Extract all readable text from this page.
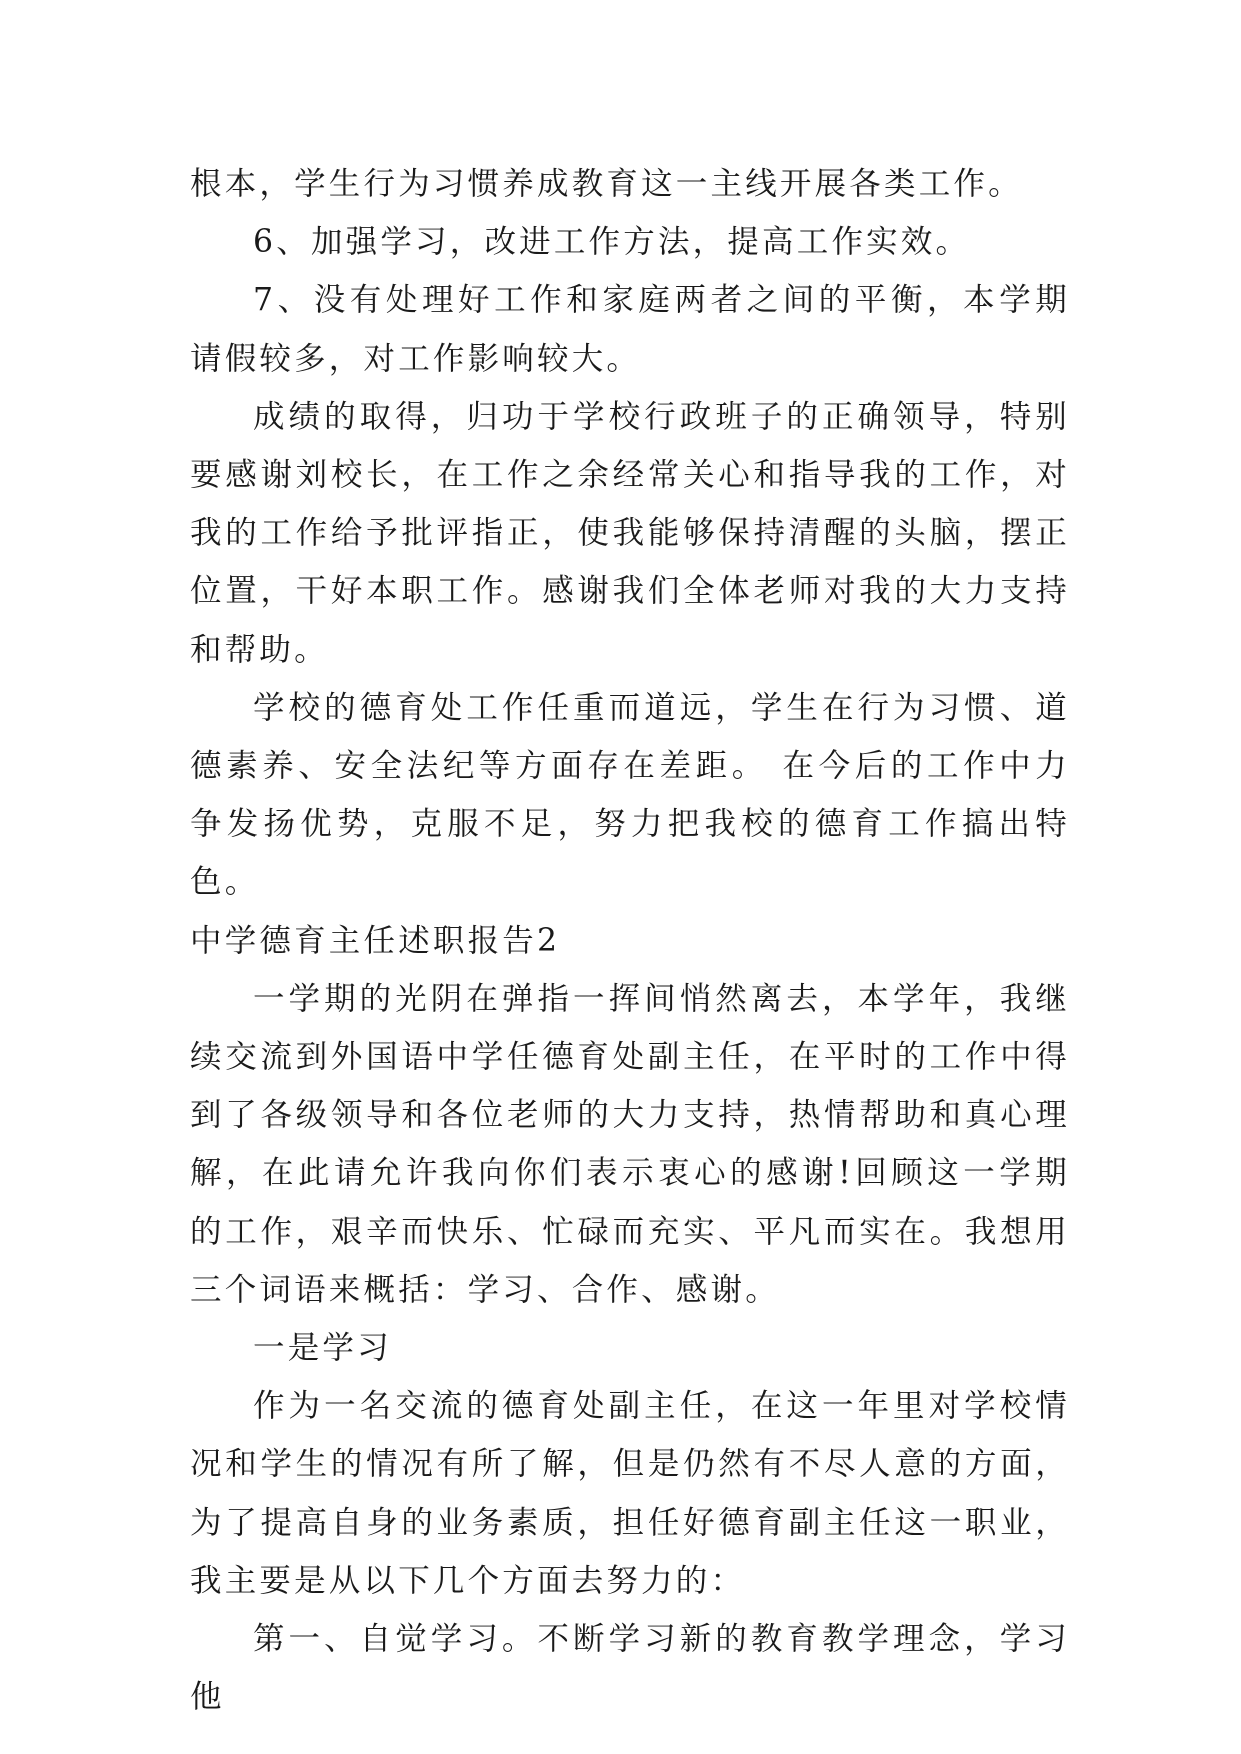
根本，学生行为习惯养成教育这一主线开展各类工作。

6、加强学习，改进工作方法，提高工作实效。

7、没有处理好工作和家庭两者之间的平衡，本学期请假较多，对工作影响较大。

成绩的取得，归功于学校行政班子的正确领导，特别要感谢刘校长，在工作之余经常关心和指导我的工作，对我的工作给予批评指正，使我能够保持清醒的头脑，摆正位置，干好本职工作。感谢我们全体老师对我的大力支持和帮助。

学校的德育处工作任重而道远，学生在行为习惯、道德素养、安全法纪等方面存在差距。 在今后的工作中力争发扬优势，克服不足，努力把我校的德育工作搞出特色。

中学德育主任述职报告2

一学期的光阴在弹指一挥间悄然离去，本学年，我继续交流到外国语中学任德育处副主任，在平时的工作中得到了各级领导和各位老师的大力支持，热情帮助和真心理解，在此请允许我向你们表示衷心的感谢!回顾这一学期的工作，艰辛而快乐、忙碌而充实、平凡而实在。我想用三个词语来概括：学习、合作、感谢。

一是学习

作为一名交流的德育处副主任，在这一年里对学校情况和学生的情况有所了解，但是仍然有不尽人意的方面，为了提高自身的业务素质，担任好德育副主任这一职业，我主要是从以下几个方面去努力的：

第一、自觉学习。不断学习新的教育教学理念，学习他
